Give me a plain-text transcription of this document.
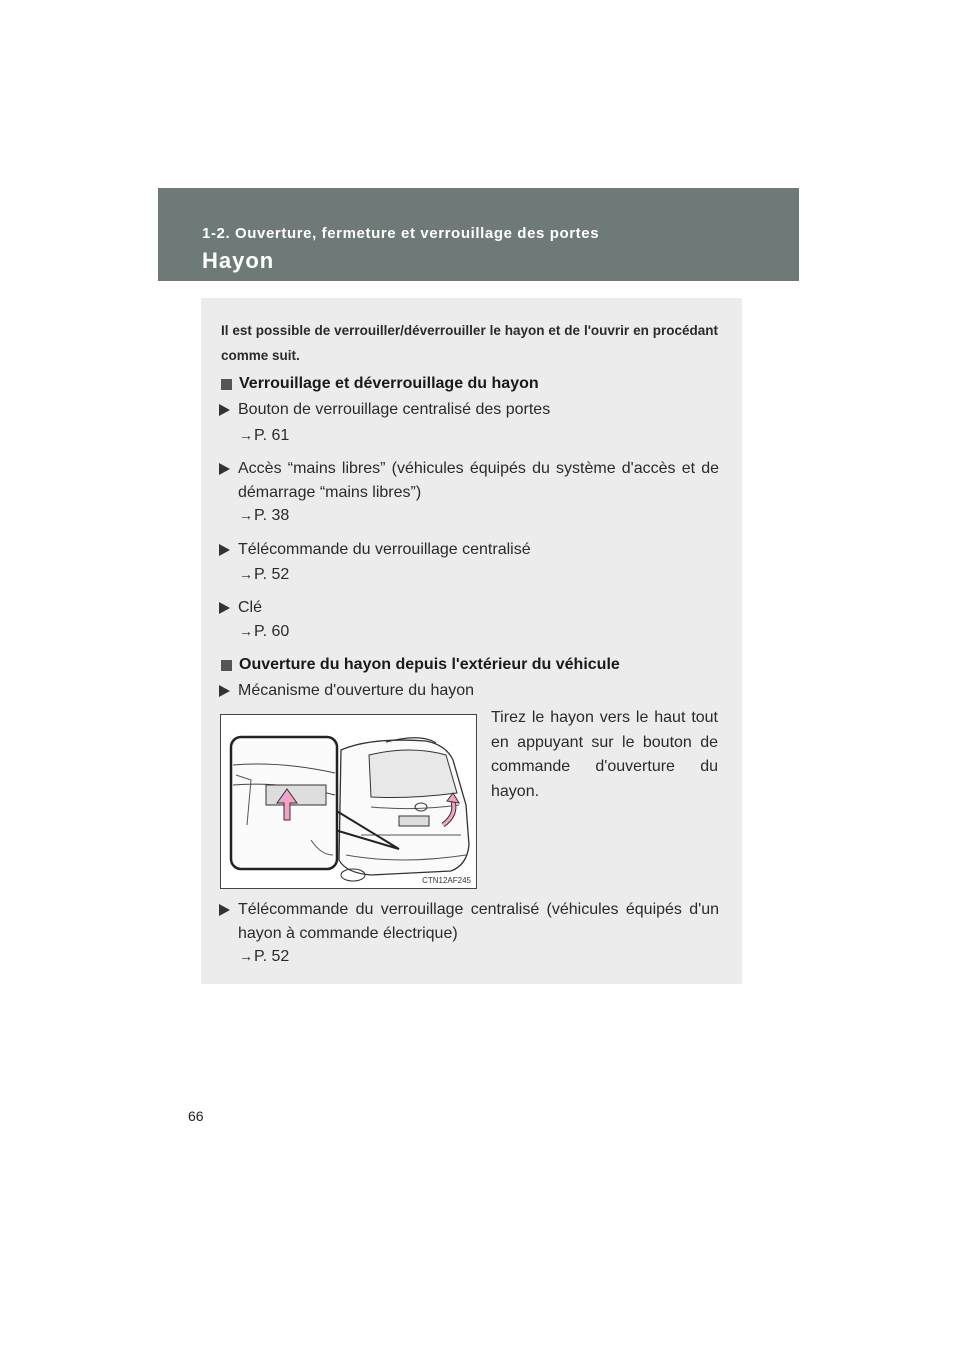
1-2. Ouverture, fermeture et verrouillage des portes
Hayon
Il est possible de verrouiller/déverrouiller le hayon et de l'ouvrir en procédant comme suit.
Verrouillage et déverrouillage du hayon
Bouton de verrouillage centralisé des portes
→P. 61
Accès “mains libres” (véhicules équipés du système d'accès et de démarrage “mains libres”)
→P. 38
Télécommande du verrouillage centralisé
→P. 52
Clé
→P. 60
Ouverture du hayon depuis l'extérieur du véhicule
Mécanisme d'ouverture du hayon
CTN12AF245
Tirez le hayon vers le haut tout en appuyant sur le bouton de commande d'ouverture du hayon.
Télécommande du verrouillage centralisé (véhicules équipés d'un hayon à commande électrique)
→P. 52
66
